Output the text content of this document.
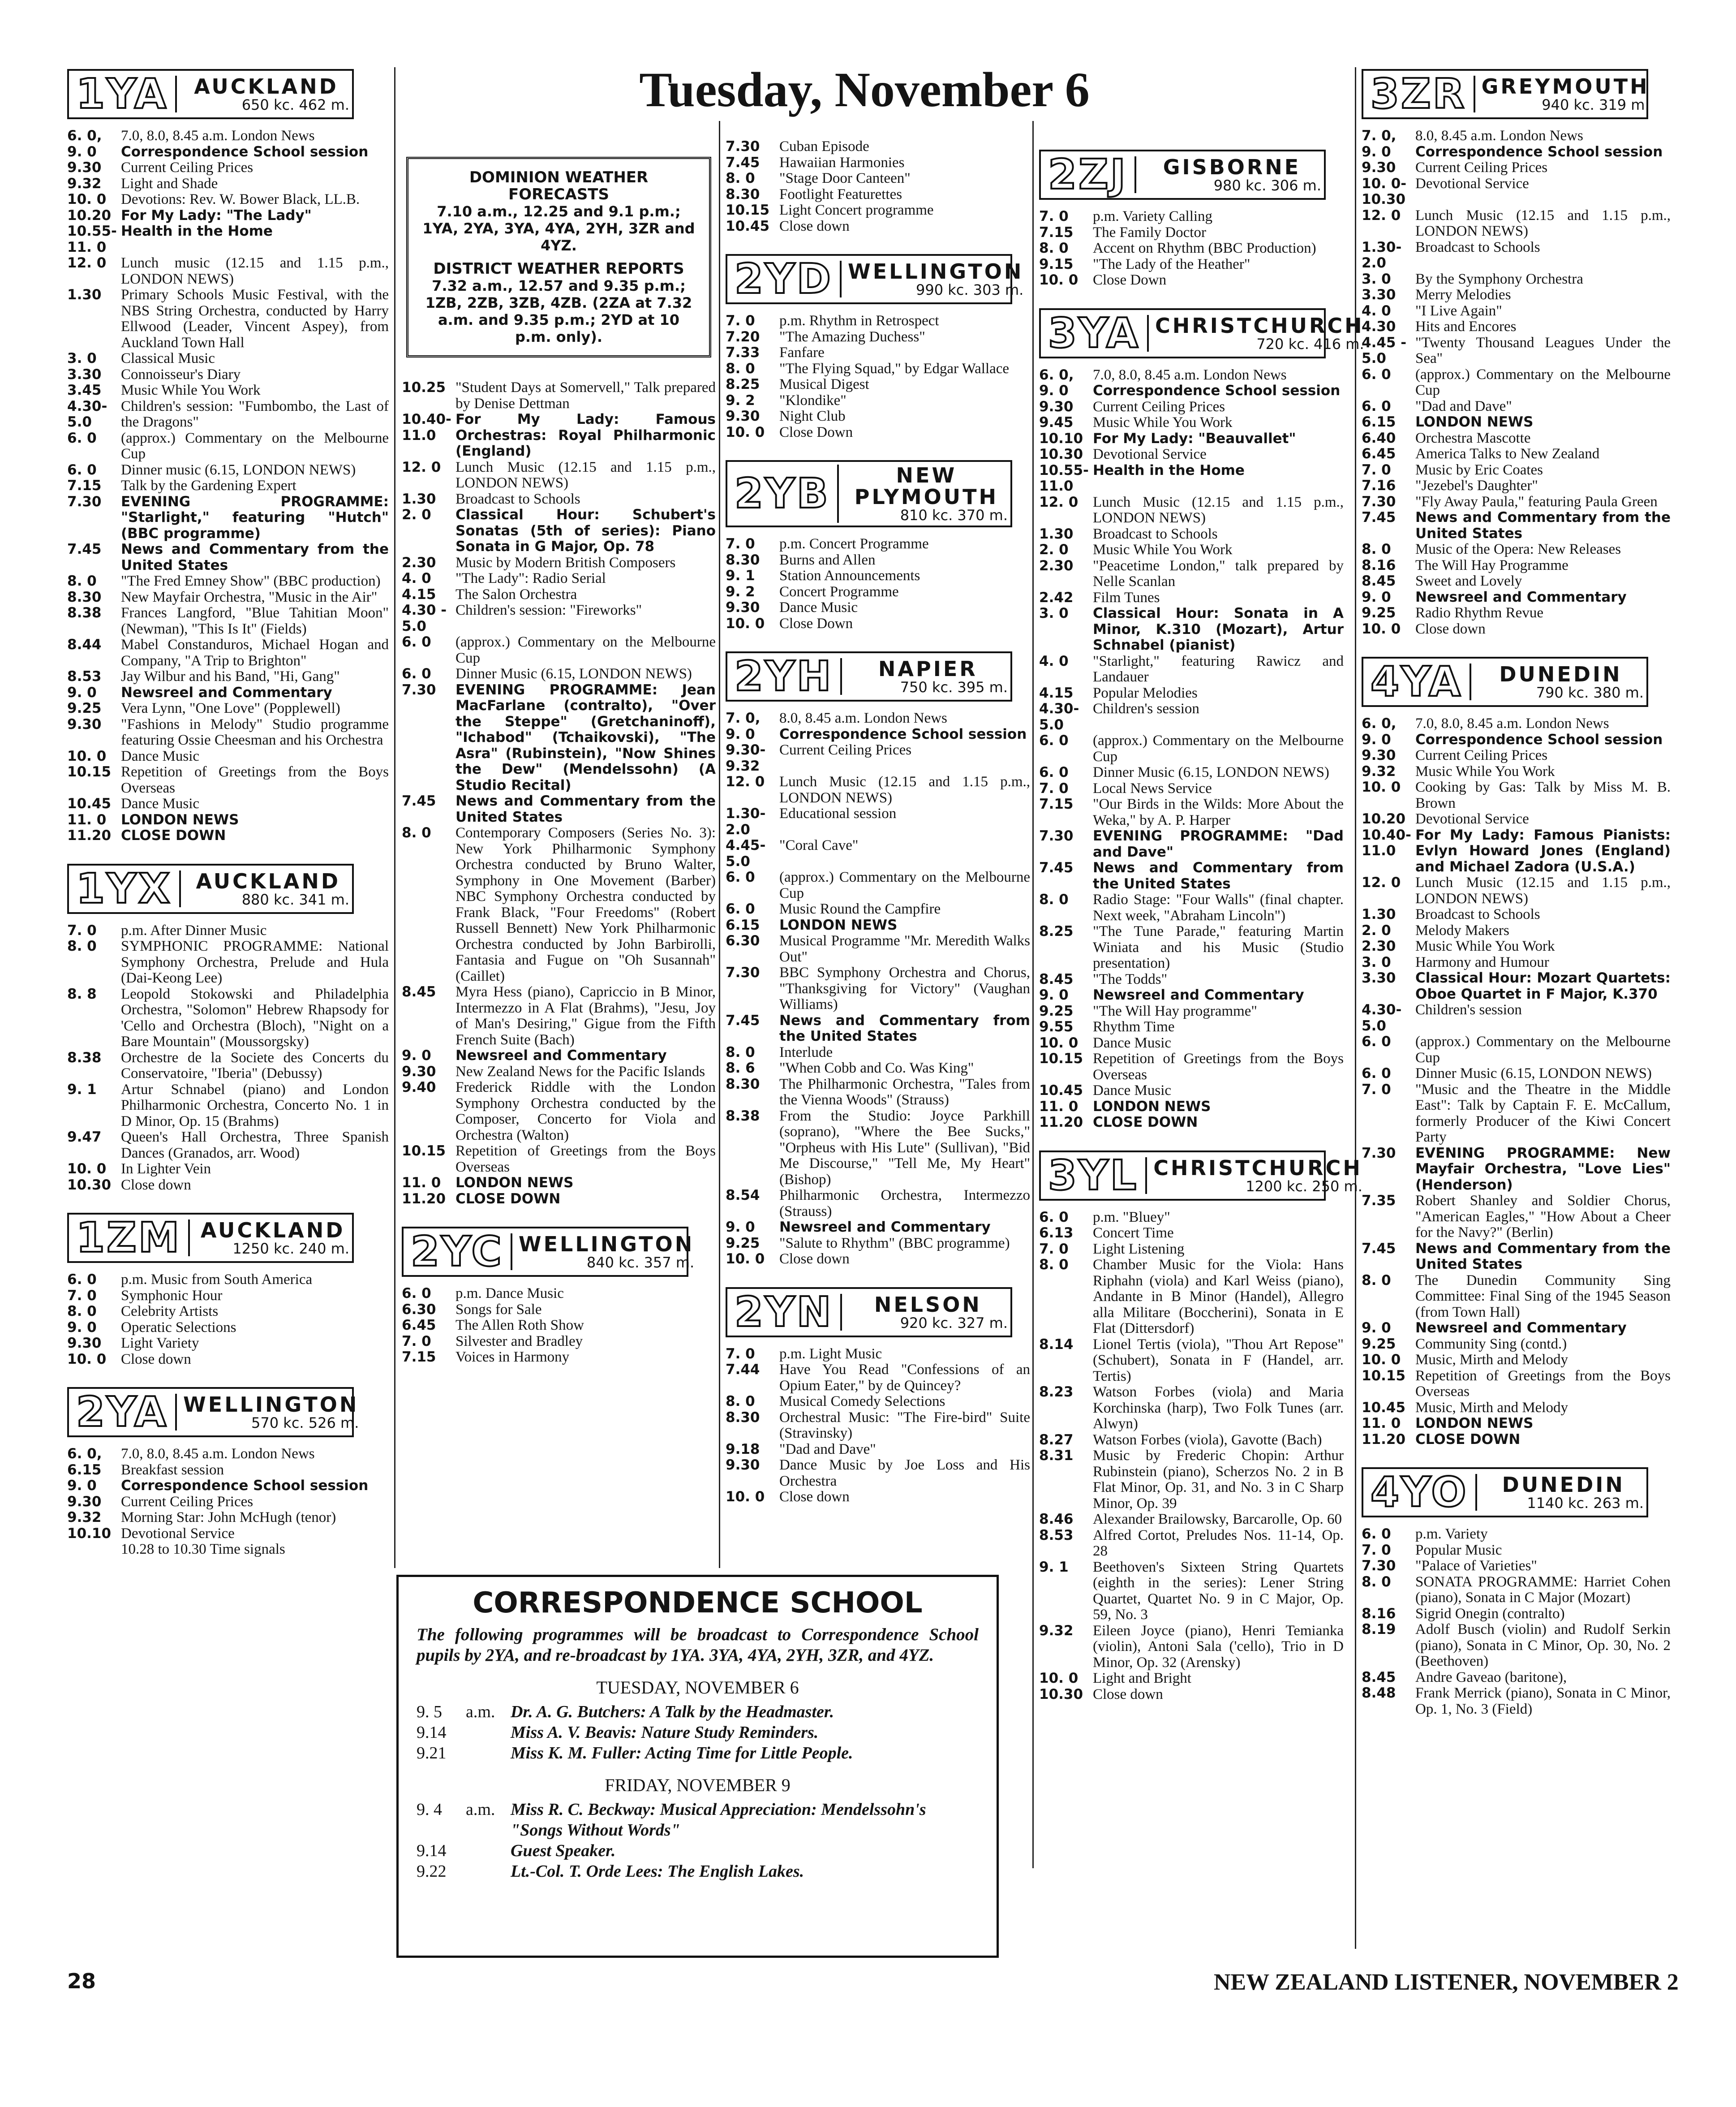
Tuesday, November 6
1YA	AUCKLAND
650 kc. 462 m.
6. 0,	7.0, 8.0, 8.45 a.m. London News
9. 0	Correspondence School session
9.30	Current Ceiling Prices
9.32	Light and Shade
10. 0 Devotions: Rev. W. Bower Black, LL.B.
10.20 For My Lady: "The Lady"
10.55-11. 0
Health in the Home
12. 0 Lunch music (12.15 and 1.15 p.m., LONDON NEWS)
1.30	Primary Schools Music Festival, with the NBS String Orchestra, conducted by Harry Ellwood (Leader, Vincent Aspey), from Auckland Town Hall
3. 0	Classical Music
3.30	Connoisseur's Diary
3.45	Music While You Work
4.30-5.0
Children's session: "Fumbombo, the Last of the Dragons"
6. 0	(approx.) Commentary on the Melbourne Cup
6. 0	Dinner music (6.15, LONDON NEWS)
7.15	Talk by the Gardening Expert
7.30	EVENING PROGRAMME: "Starlight," featuring "Hutch" (BBC programme)
7.45	News and Commentary from the United States
8. 0	"The Fred Emney Show" (BBC production)
8.30	New Mayfair Orchestra, "Music in the Air"
8.38	Frances Langford, "Blue Tahitian Moon" (Newman), "This Is It" (Fields)
8.44	Mabel Constanduros, Michael Hogan and Company, "A Trip to Brighton"
8.53	Jay Wilbur and his Band, "Hi, Gang"
9. 0	Newsreel and Commentary
9.25	Vera Lynn, "One Love" (Popplewell)
9.30	"Fashions in Melody" Studio programme featuring Ossie Cheesman and his Orchestra
10. 0 Dance Music
10.15 Repetition of Greetings from the Boys Overseas
10.45 Dance Music
11. 0	LONDON NEWS
11.20 CLOSE DOWN
1YX	AUCKLAND
880 kc. 341 m.
7. 0	p.m. After Dinner Music
8. 0	SYMPHONIC PROGRAMME: National Symphony Orchestra, Prelude and Hula (Dai-Keong Lee)
8. 8	Leopold Stokowski and Philadelphia Orchestra, "Solomon" Hebrew Rhapsody for 'Cello and Orchestra (Bloch), "Night on a Bare Mountain" (Moussorgsky)
8.38	Orchestre de la Societe des Concerts du Conservatoire, "Iberia" (Debussy)
9. 1	Artur Schnabel (piano) and London Philharmonic Orchestra, Concerto No. 1 in D Minor, Op. 15 (Brahms)
9.47	Queen's Hall Orchestra, Three Spanish Dances (Granados, arr. Wood)
10. 0 In Lighter Vein
10.30 Close down
1ZM AUCKLAND
1250 kc. 240 m.
6. 0	p.m. Music from South America
7. 0	Symphonic Hour
8. 0	Celebrity Artists
9. 0	Operatic Selections
9.30	Light Variety
10. 0 Close down
2YA WELLINGTON
570 kc. 526 m.
6. 0,	7.0, 8.0, 8.45 a.m. London News
6.15	Breakfast session
9. 0	Correspondence School session
9.30	Current Ceiling Prices
9.32	Morning Star: John McHugh (tenor)
10.10 Devotional Service
10.28 to 10.30 Time signals
DOMINION WEATHER FORECASTS
7.10 a.m., 12.25 and 9.1 p.m.; 1YA, 2YA, 3YA, 4YA, 2YH, 3ZR and 4YZ.
DISTRICT WEATHER REPORTS
7.32 a.m., 12.57 and 9.35 p.m.; 1ZB, 2ZB, 3ZB, 4ZB. (2ZA at 7.32 a.m. and 9.35 p.m.; 2YD at 10 p.m. only).
10.25 "Student Days at Somervell," Talk prepared by Denise Dettman
10.40-11.0
For My Lady: Famous Orchestras: Royal Philharmonic (England)
12. 0 Lunch Music (12.15 and 1.15 p.m., LONDON NEWS)
1.30	Broadcast to Schools
2. 0	Classical Hour: Schubert's Sonatas (5th of series): Piano Sonata in G Major, Op. 78
2.30	Music by Modern British Composers
4. 0	"The Lady": Radio Serial
4.15	The Salon Orchestra
4.30 - 5.0
Children's session: "Fireworks"
6. 0	(approx.) Commentary on the Melbourne Cup
6. 0	Dinner Music (6.15, LONDON NEWS)
7.30	EVENING PROGRAMME: Jean MacFarlane (contralto), "Over the Steppe" (Gretchaninoff), "Ichabod" (Tchaikovski), "The Asra" (Rubinstein), "Now Shines the Dew" (Mendelssohn) (A Studio Recital)
7.45	News and Commentary from the United States
8. 0	Contemporary Composers (Series No. 3): New York Philharmonic Symphony Orchestra conducted by Bruno Walter, Symphony in One Movement (Barber) NBC Symphony Orchestra conducted by Frank Black, "Four Freedoms" (Robert Russell Bennett) New York Philharmonic Orchestra conducted by John Barbirolli, Fantasia and Fugue on "Oh Susannah" (Caillet)
8.45	Myra Hess (piano), Capriccio in B Minor, Intermezzo in A Flat (Brahms), "Jesu, Joy of Man's Desiring," Gigue from the Fifth French Suite (Bach)
9. 0	Newsreel and Commentary
9.30	New Zealand News for the Pacific Islands
9.40	Frederick Riddle with the London Symphony Orchestra conducted by the Composer, Concerto for Viola and Orchestra (Walton)
10.15 Repetition of Greetings from the Boys Overseas
11. 0	LONDON NEWS
11.20 CLOSE DOWN
2YC WELLINGTON
840 kc. 357 m.
6. 0	p.m. Dance Music
6.30	Songs for Sale
6.45	The Allen Roth Show
7. 0	Silvester and Bradley
7.15	Voices in Harmony
7.30	Cuban Episode
7.45	Hawaiian Harmonies
8. 0	"Stage Door Canteen"
8.30	Footlight Featurettes
10.15 Light Concert programme
10.45 Close down
2YD WELLINGTON
990 kc. 303 m.
7. 0	p.m. Rhythm in Retrospect
7.20	"The Amazing Duchess"
7.33	Fanfare
8. 0	"The Flying Squad," by Edgar Wallace
8.25	Musical Digest
9. 2	"Klondike"
9.30	Night Club
10. 0 Close Down
2YB	NEW PLYMOUTH
810 kc. 370 m.
7. 0	p.m. Concert Programme
8.30	Burns and Allen
9. 1	Station Announcements
9. 2	Concert Programme
9.30	Dance Music
10. 0 Close Down
2YH	NAPIER
750 kc. 395 m.
7. 0,	8.0, 8.45 a.m. London News
9. 0	Correspondence School session
9.30-9.32
Current Ceiling Prices
12. 0 Lunch Music (12.15 and 1.15 p.m., LONDON NEWS)
1.30-2.0
Educational session
4.45-5.0
"Coral Cave"
6. 0	(approx.) Commentary on the Melbourne Cup
6. 0	Music Round the Campfire
6.15	LONDON NEWS
6.30	Musical Programme "Mr. Meredith Walks Out"
7.30	BBC Symphony Orchestra and Chorus, "Thanksgiving for Victory" (Vaughan Williams)
7.45	News and Commentary from the United States
8. 0	Interlude
8. 6	"When Cobb and Co. Was King"
8.30	The Philharmonic Orchestra, "Tales from the Vienna Woods" (Strauss)
8.38	From the Studio: Joyce Parkhill (soprano), "Where the Bee Sucks," "Orpheus with His Lute" (Sullivan), "Bid Me Discourse," "Tell Me, My Heart" (Bishop)
8.54	Philharmonic Orchestra, Intermezzo (Strauss)
9. 0	Newsreel and Commentary
9.25	"Salute to Rhythm" (BBC programme)
10. 0 Close down
2YN	NELSON
920 kc. 327 m.
7. 0	p.m. Light Music
7.44	Have You Read "Confessions of an Opium Eater," by de Quincey?
8. 0	Musical Comedy Selections
8.30	Orchestral Music: "The Fire-bird" Suite (Stravinsky)
9.18	"Dad and Dave"
9.30	Dance Music by Joe Loss and His Orchestra
10. 0 Close down
2ZJ	GISBORNE
980 kc. 306 m.
7. 0	p.m. Variety Calling
7.15	The Family Doctor
8. 0	Accent on Rhythm (BBC Production)
9.15	"The Lady of the Heather"
10. 0 Close Down
3YA CHRISTCHURCH
720 kc. 416 m.
6. 0,	7.0, 8.0, 8.45 a.m. London News
9. 0	Correspondence School session
9.30	Current Ceiling Prices
9.45	Music While You Work
10.10 For My Lady: "Beauvallet"
10.30 Devotional Service
10.55-11.0
Health in the Home
12. 0 Lunch Music (12.15 and 1.15 p.m., LONDON NEWS)
1.30	Broadcast to Schools
2. 0	Music While You Work
2.30	"Peacetime London," talk prepared by Nelle Scanlan
2.42	Film Tunes
3. 0	Classical Hour: Sonata in A Minor, K.310 (Mozart), Artur Schnabel (pianist)
4. 0	"Starlight," featuring Rawicz and Landauer
4.15	Popular Melodies
4.30-5.0
Children's session
6. 0	(approx.) Commentary on the Melbourne Cup
6. 0	Dinner Music (6.15, LONDON NEWS)
7. 0	Local News Service
7.15	"Our Birds in the Wilds: More About the Weka," by A. P. Harper
7.30	EVENING PROGRAMME: "Dad and Dave"
7.45	News and Commentary from the United States
8. 0	Radio Stage: "Four Walls" (final chapter. Next week, "Abraham Lincoln")
8.25	"The Tune Parade," featuring Martin Winiata and his Music (Studio presentation)
8.45	"The Todds"
9. 0	Newsreel and Commentary
9.25	"The Will Hay programme"
9.55	Rhythm Time
10. 0 Dance Music
10.15 Repetition of Greetings from the Boys Overseas
10.45 Dance Music
11. 0	LONDON NEWS
11.20 CLOSE DOWN
3YL CHRISTCHURCH
1200 kc. 250 m.
6. 0	p.m. "Bluey"
6.13	Concert Time
7. 0	Light Listening
8. 0	Chamber Music for the Viola: Hans Riphahn (viola) and Karl Weiss (piano), Andante in B Minor (Handel), Allegro alla Militare (Boccherini), Sonata in E Flat (Dittersdorf)
8.14	Lionel Tertis (viola), "Thou Art Repose" (Schubert), Sonata in F (Handel, arr. Tertis)
8.23	Watson Forbes (viola) and Maria Korchinska (harp), Two Folk Tunes (arr. Alwyn)
8.27	Watson Forbes (viola), Gavotte (Bach)
8.31	Music by Frederic Chopin: Arthur Rubinstein (piano), Scherzos No. 2 in B Flat Minor, Op. 31, and No. 3 in C Sharp Minor, Op. 39
8.46	Alexander Brailowsky, Barcarolle, Op. 60
8.53	Alfred Cortot, Preludes Nos. 11-14, Op. 28
9. 1	Beethoven's Sixteen String Quartets (eighth in the series): Lener String Quartet, Quartet No. 9 in C Major, Op. 59, No. 3
9.32	Eileen Joyce (piano), Henri Temianka (violin), Antoni Sala ('cello), Trio in D Minor, Op. 32 (Arensky)
10. 0 Light and Bright
10.30 Close down
3ZR GREYMOUTH
940 kc. 319 m.
7. 0,	8.0, 8.45 a.m. London News
9. 0	Correspondence School session
9.30	Current Ceiling Prices
10. 0-10.30
Devotional Service
12. 0 Lunch Music (12.15 and 1.15 p.m., LONDON NEWS)
1.30-2.0
Broadcast to Schools
3. 0	By the Symphony Orchestra
3.30	Merry Melodies
4. 0	"I Live Again"
4.30	Hits and Encores
4.45 - 5.0
"Twenty Thousand Leagues Under the Sea"
6. 0	(approx.) Commentary on the Melbourne Cup
6. 0	"Dad and Dave"
6.15	LONDON NEWS
6.40	Orchestra Mascotte
6.45	America Talks to New Zealand
7. 0	Music by Eric Coates
7.16	"Jezebel's Daughter"
7.30	"Fly Away Paula," featuring Paula Green
7.45	News and Commentary from the United States
8. 0	Music of the Opera: New Releases
8.16	The Will Hay Programme
8.45	Sweet and Lovely
9. 0	Newsreel and Commentary
9.25	Radio Rhythm Revue
10. 0 Close down
4YA	DUNEDIN
790 kc. 380 m.
6. 0,	7.0, 8.0, 8.45 a.m. London News
9. 0	Correspondence School session
9.30	Current Ceiling Prices
9.32	Music While You Work
10. 0 Cooking by Gas: Talk by Miss M. B. Brown
10.20 Devotional Service
10.40-11.0
For My Lady: Famous Pianists: Evlyn Howard Jones (England) and Michael Zadora (U.S.A.)
12. 0 Lunch Music (12.15 and 1.15 p.m., LONDON NEWS)
1.30	Broadcast to Schools
2. 0	Melody Makers
2.30	Music While You Work
3. 0	Harmony and Humour
3.30	Classical Hour: Mozart Quartets: Oboe Quartet in F Major, K.370
4.30-5.0
Children's session
6. 0	(approx.) Commentary on the Melbourne Cup
6. 0	Dinner Music (6.15, LONDON NEWS)
7. 0	"Music and the Theatre in the Middle East": Talk by Captain F. E. McCallum, formerly Producer of the Kiwi Concert Party
7.30	EVENING PROGRAMME: New Mayfair Orchestra, "Love Lies" (Henderson)
7.35	Robert Shanley and Soldier Chorus, "American Eagles," "How About a Cheer for the Navy?" (Berlin)
7.45	News and Commentary from the United States
8. 0	The Dunedin Community Sing Committee: Final Sing of the 1945 Season (from Town Hall)
9. 0	Newsreel and Commentary
9.25	Community Sing (contd.)
10. 0 Music, Mirth and Melody
10.15 Repetition of Greetings from the Boys Overseas
10.45 Music, Mirth and Melody
11. 0	LONDON NEWS
11.20 CLOSE DOWN
4YO	DUNEDIN
1140 kc. 263 m.
6. 0	p.m. Variety
7. 0	Popular Music
7.30	"Palace of Varieties"
8. 0	SONATA PROGRAMME: Harriet Cohen (piano), Sonata in C Major (Mozart)
8.16	Sigrid Onegin (contralto)
8.19	Adolf Busch (violin) and Rudolf Serkin (piano), Sonata in C Minor, Op. 30, No. 2 (Beethoven)
8.45	Andre Gaveao (baritone),
8.48	Frank Merrick (piano), Sonata in C Minor, Op. 1, No. 3 (Field)
CORRESPONDENCE SCHOOL
The following programmes will be broadcast to Correspondence School pupils by 2YA, and re-broadcast by 1YA. 3YA, 4YA, 2YH, 3ZR, and 4YZ.
TUESDAY, NOVEMBER 6
9. 5	a.m. Dr. A. G. Butchers: A Talk by the Headmaster.
9.14	Miss A. V. Beavis: Nature Study Reminders.
9.21	Miss K. M. Fuller: Acting Time for Little People.
FRIDAY, NOVEMBER 9
9. 4	a.m. Miss R. C. Beckway: Musical Appreciation: Mendelssohn's "Songs Without Words"
9.14	Guest Speaker.
9.22	Lt.-Col. T. Orde Lees: The English Lakes.
28	NEW ZEALAND LISTENER, NOVEMBER 2
